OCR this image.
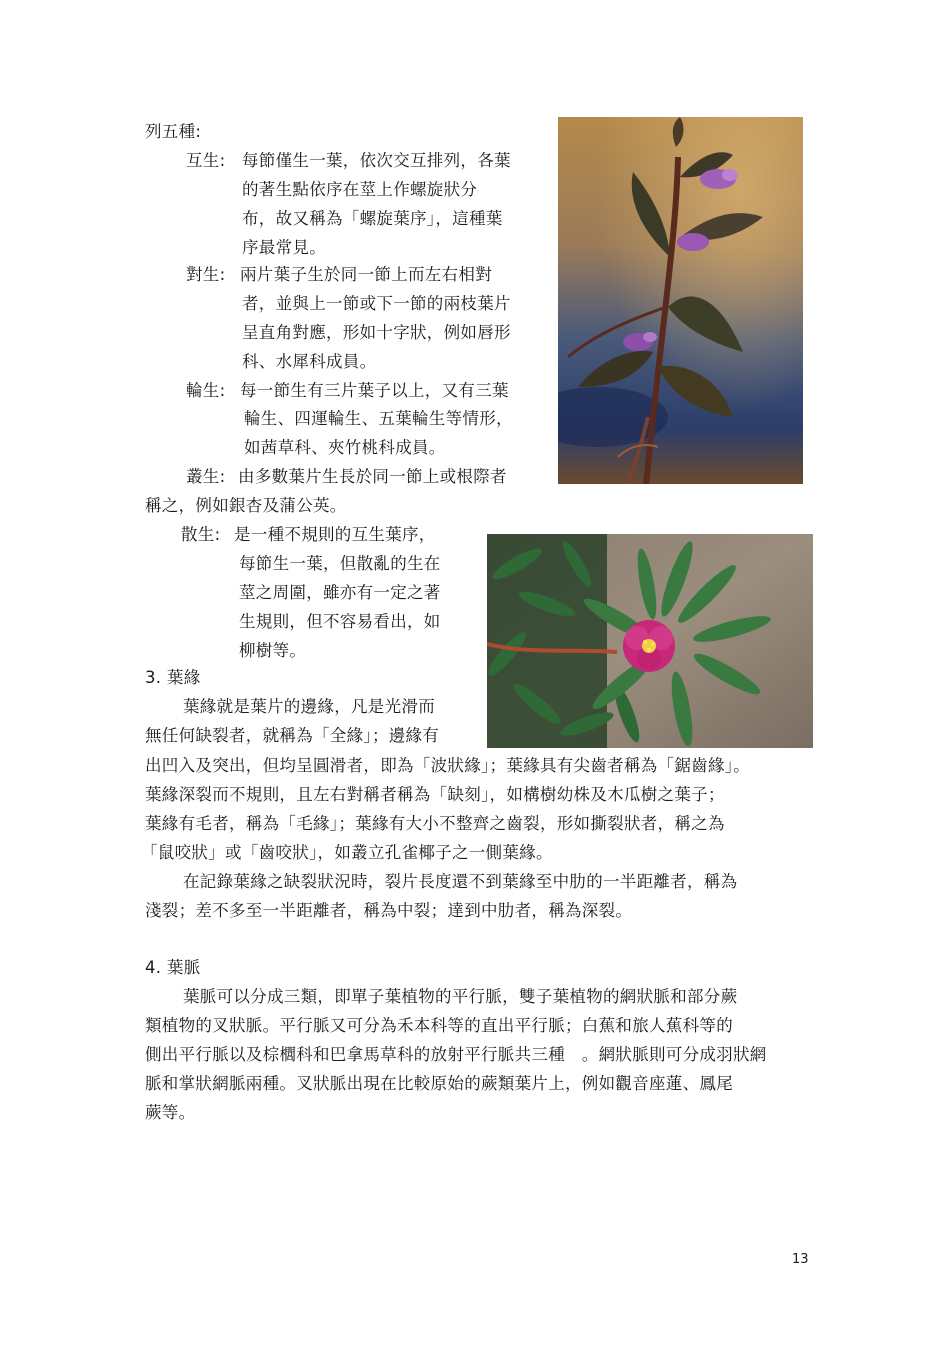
列五種:
互生: 每節僅生一葉，依次交互排列，各葉
的著生點依序在莖上作螺旋狀分
布，故又稱為「螺旋葉序」，這種葉
序最常見。
對生: 兩片葉子生於同一節上而左右相對
者，並與上一節或下一節的兩枝葉片
呈直角對應，形如十字狀，例如唇形
科、水犀科成員。
輪生: 每一節生有三片葉子以上，又有三葉
輪生、四運輪生、五葉輪生等情形，
如茜草科、夾竹桃科成員。
叢生: 由多數葉片生長於同一節上或根際者
稱之，例如銀杏及蒲公英。
散生: 是一種不規則的互生葉序，
每節生一葉，但散亂的生在
莖之周圍，雖亦有一定之著
生規則，但不容易看出，如
柳樹等。
3. 葉緣
葉緣就是葉片的邊緣，凡是光滑而
無任何缺裂者，就稱為「全緣」；邊緣有
出凹入及突出，但均呈圓滑者，即為「波狀緣」；葉緣具有尖齒者稱為「鋸齒緣」。
葉緣深裂而不規則，且左右對稱者稱為「缺刻」，如構樹幼株及木瓜樹之葉子；
葉緣有毛者，稱為「毛緣」；葉緣有大小不整齊之齒裂，形如撕裂狀者，稱之為
「鼠咬狀」或「齒咬狀」，如叢立孔雀椰子之一側葉緣。
在記錄葉緣之缺裂狀況時，裂片長度還不到葉緣至中肋的一半距離者，稱為
淺裂；差不多至一半距離者，稱為中裂；達到中肋者，稱為深裂。
4. 葉脈
葉脈可以分成三類，即單子葉植物的平行脈，雙子葉植物的網狀脈和部分蕨
類植物的叉狀脈。平行脈又可分為禾本科等的直出平行脈；白蕉和旅人蕉科等的
側出平行脈以及棕櫚科和巴拿馬草科的放射平行脈共三種　。網狀脈則可分成羽狀網
脈和掌狀網脈兩種。叉狀脈出現在比較原始的蕨類葉片上，例如觀音座蓮、鳳尾
蕨等。
13
